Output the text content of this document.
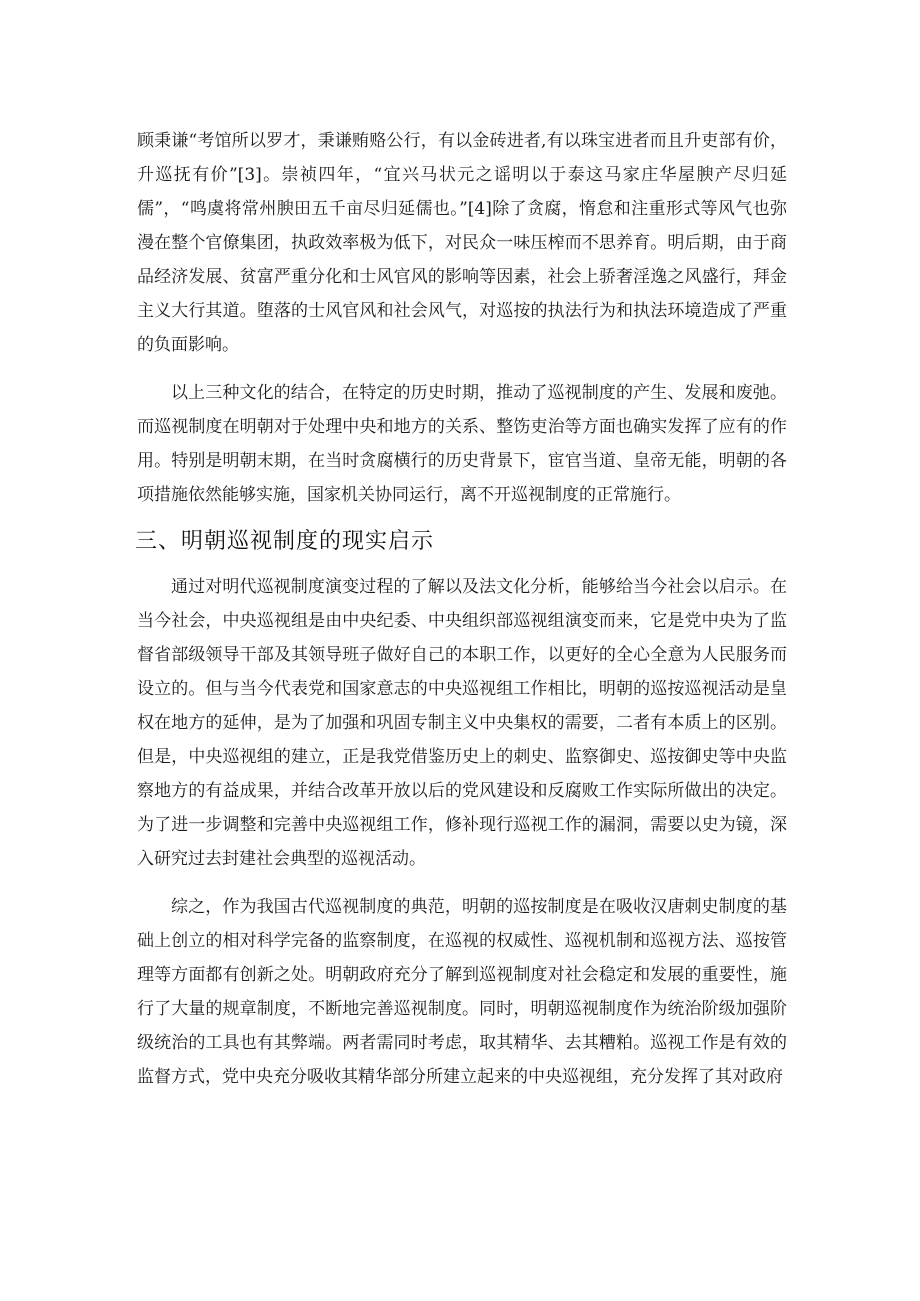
顾秉谦“考馆所以罗才，秉谦贿赂公行，有以金砖进者,有以珠宝进者而且升吏部有价，升巡抚有价”[3]。崇祯四年，“宜兴马状元之谣明以于泰这马家庄华屋腴产尽归延儒”，“鸣虞将常州腴田五千亩尽归延儒也。”[4]除了贪腐，惰怠和注重形式等风气也弥漫在整个官僚集团，执政效率极为低下，对民众一味压榨而不思养育。明后期，由于商品经济发展、贫富严重分化和士风官风的影响等因素，社会上骄奢淫逸之风盛行，拜金主义大行其道。堕落的士风官风和社会风气，对巡按的执法行为和执法环境造成了严重的负面影响。

以上三种文化的结合，在特定的历史时期，推动了巡视制度的产生、发展和废弛。而巡视制度在明朝对于处理中央和地方的关系、整饬吏治等方面也确实发挥了应有的作用。特别是明朝末期，在当时贪腐横行的历史背景下，宦官当道、皇帝无能，明朝的各项措施依然能够实施，国家机关协同运行，离不开巡视制度的正常施行。

三、明朝巡视制度的现实启示

通过对明代巡视制度演变过程的了解以及法文化分析，能够给当今社会以启示。在当今社会，中央巡视组是由中央纪委、中央组织部巡视组演变而来，它是党中央为了监督省部级领导干部及其领导班子做好自己的本职工作，以更好的全心全意为人民服务而设立的。但与当今代表党和国家意志的中央巡视组工作相比，明朝的巡按巡视活动是皇权在地方的延伸，是为了加强和巩固专制主义中央集权的需要，二者有本质上的区别。但是，中央巡视组的建立，正是我党借鉴历史上的刺史、监察御史、巡按御史等中央监察地方的有益成果，并结合改革开放以后的党风建设和反腐败工作实际所做出的决定。为了进一步调整和完善中央巡视组工作，修补现行巡视工作的漏洞，需要以史为镜，深入研究过去封建社会典型的巡视活动。

综之，作为我国古代巡视制度的典范，明朝的巡按制度是在吸收汉唐刺史制度的基础上创立的相对科学完备的监察制度，在巡视的权威性、巡视机制和巡视方法、巡按管理等方面都有创新之处。明朝政府充分了解到巡视制度对社会稳定和发展的重要性，施行了大量的规章制度，不断地完善巡视制度。同时，明朝巡视制度作为统治阶级加强阶级统治的工具也有其弊端。两者需同时考虑，取其精华、去其糟粕。巡视工作是有效的监督方式，党中央充分吸收其精华部分所建立起来的中央巡视组，充分发挥了其对政府
